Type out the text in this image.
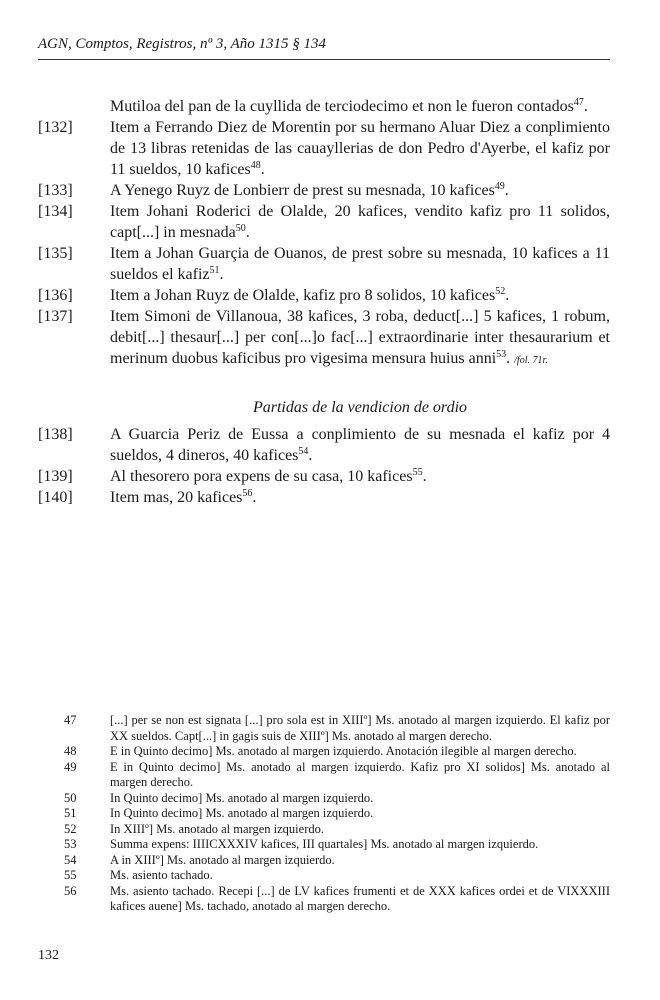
AGN, Comptos, Registros, nº 3, Año 1315 § 134
Mutiloa del pan de la cuyllida de terciodecimo et non le fueron contados$^{47}$.
[132]	Item a Ferrando Diez de Morentin por su hermano Aluar Diez a conplimiento de 13 libras retenidas de las cauayllerias de don Pedro d'Ayerbe, el kafiz por 11 sueldos, 10 kafices$^{48}$.
[133]	A Yenego Ruyz de Lonbierr de prest su mesnada, 10 kafices$^{49}$.
[134]	Item Johani Roderici de Olalde, 20 kafices, vendito kafiz pro 11 solidos, capt[...] in mesnada$^{50}$.
[135]	Item a Johan Guarçia de Ouanos, de prest sobre su mesnada, 10 kafices a 11 sueldos el kafiz$^{51}$.
[136]	Item a Johan Ruyz de Olalde, kafiz pro 8 solidos, 10 kafices$^{52}$.
[137]	Item Simoni de Villanoua, 38 kafices, 3 roba, deduct[...] 5 kafices, 1 robum, debit[...] thesaur[...] per con[...]o fac[...] extraordinarie inter thesaurarium et merinum duobus kaficibus pro vigesima mensura huius anni$^{53}$. /fol. 71r.
Partidas de la vendicion de ordio
[138]	A Guarcia Periz de Eussa a conplimiento de su mesnada el kafiz por 4 sueldos, 4 dineros, 40 kafices$^{54}$.
[139]	Al thesorero pora expens de su casa, 10 kafices$^{55}$.
[140]	Item mas, 20 kafices$^{56}$.
47	[...] per se non est signata [...] pro sola est in XIIIº] Ms. anotado al margen izquierdo. El kafiz por XX sueldos. Capt[...] in gagis suis de XIIIº] Ms. anotado al margen derecho.
48	E in Quinto decimo] Ms. anotado al margen izquierdo. Anotación ilegible al margen derecho.
49	E in Quinto decimo] Ms. anotado al margen izquierdo. Kafiz pro XI solidos] Ms. anotado al margen derecho.
50	In Quinto decimo] Ms. anotado al margen izquierdo.
51	In Quinto decimo] Ms. anotado al margen izquierdo.
52	In XIIIº] Ms. anotado al margen izquierdo.
53	Summa expens: IIIICXXXIV kafices, III quartales] Ms. anotado al margen izquierdo.
54	A in XIIIº] Ms. anotado al margen izquierdo.
55	Ms. asiento tachado.
56	Ms. asiento tachado. Recepi [...] de LV kafices frumenti et de XXX kafices ordei et de VIXXXIII kafices auene] Ms. tachado, anotado al margen derecho.
132
